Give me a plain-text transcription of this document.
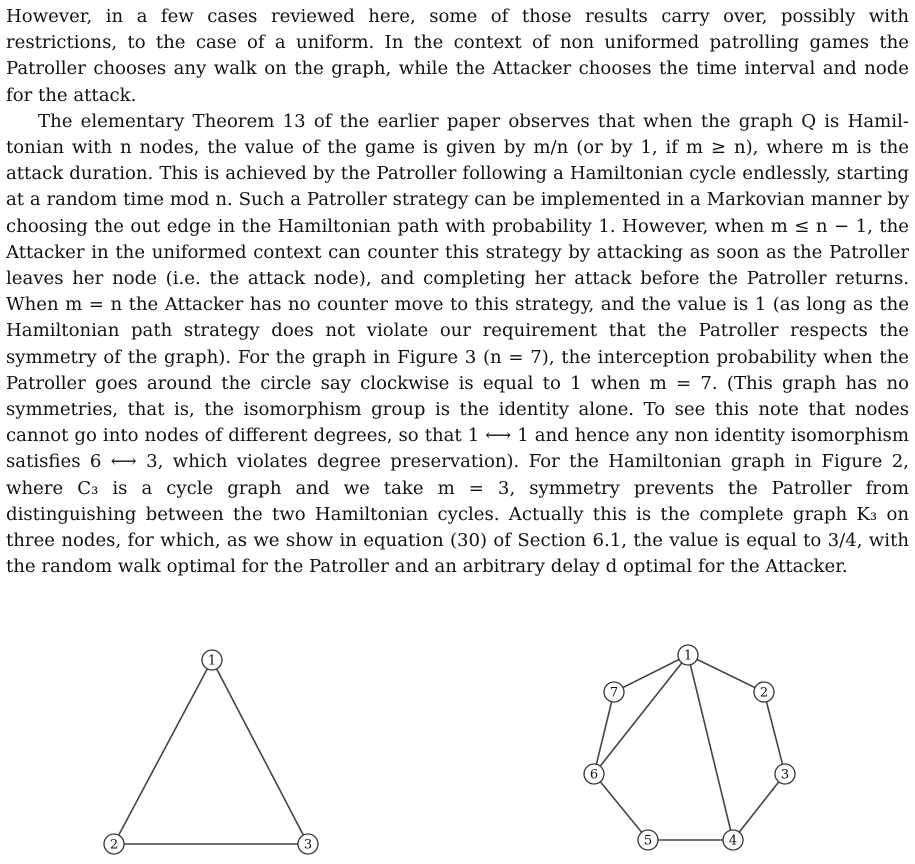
However, in a few cases reviewed here, some of those results carry over, possibly with restrictions, to the case of a uniform. In the context of non uniformed patrolling games the Patroller chooses any walk on the graph, while the Attacker chooses the time interval and node for the attack.

The elementary Theorem 13 of the earlier paper observes that when the graph Q is Hamiltonian with n nodes, the value of the game is given by m/n (or by 1, if m ≥ n), where m is the attack duration. This is achieved by the Patroller following a Hamiltonian cycle endlessly, starting at a random time mod n. Such a Patroller strategy can be implemented in a Markovian manner by choosing the out edge in the Hamiltonian path with probability 1. However, when m ≤ n − 1, the Attacker in the uniformed context can counter this strategy by attacking as soon as the Patroller leaves her node (i.e. the attack node), and completing her attack before the Patroller returns. When m = n the Attacker has no counter move to this strategy, and the value is 1 (as long as the Hamiltonian path strategy does not violate our requirement that the Patroller respects the symmetry of the graph). For the graph in Figure 3 (n = 7), the interception probability when the Patroller goes around the circle say clockwise is equal to 1 when m = 7. (This graph has no symmetries, that is, the isomorphism group is the identity alone. To see this note that nodes cannot go into nodes of different degrees, so that 1 ⟷ 1 and hence any non identity isomorphism satisfies 6 ⟷ 3, which violates degree preservation). For the Hamiltonian graph in Figure 2, where C₃ is a cycle graph and we take m = 3, symmetry prevents the Patroller from distinguishing between the two Hamiltonian cycles. Actually this is the complete graph K₃ on three nodes, for which, as we show in equation (30) of Section 6.1, the value is equal to 3/4, with the random walk optimal for the Patroller and an arbitrary delay d optimal for the Attacker.

1
2	3
1
2
3
4
5
6
7
